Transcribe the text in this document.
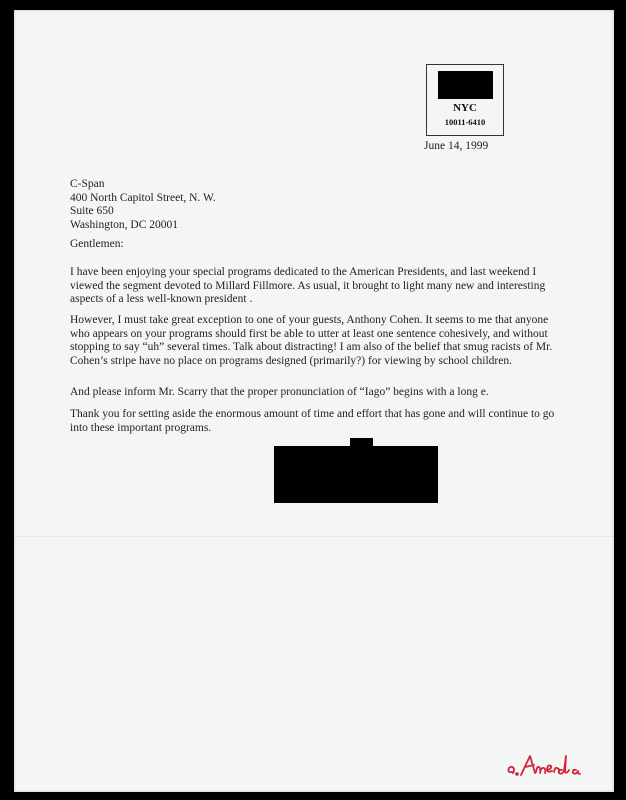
NYC
10011-6410
June 14, 1999
C-Span
400 North Capitol Street, N. W.
Suite 650
Washington, DC 20001
Gentlemen:
I have been enjoying your special programs dedicated to the American Presidents, and last weekend I viewed the segment devoted to Millard Fillmore. As usual, it brought to light many new and interesting aspects of a less well-known president .
However, I must take great exception to one of your guests, Anthony Cohen. It seems to me that anyone who appears on your programs should first be able to utter at least one sentence cohesively, and without stopping to say “uh” several times. Talk about distracting! I am also of the belief that smug racists of Mr. Cohen’s stripe have no place on programs designed (primarily?) for viewing by school children.
And please inform Mr. Scarry that the proper pronunciation of “Iago” begins with a long e.
Thank you for setting aside the enormous amount of time and effort that has gone and will continue to go into these important programs.
